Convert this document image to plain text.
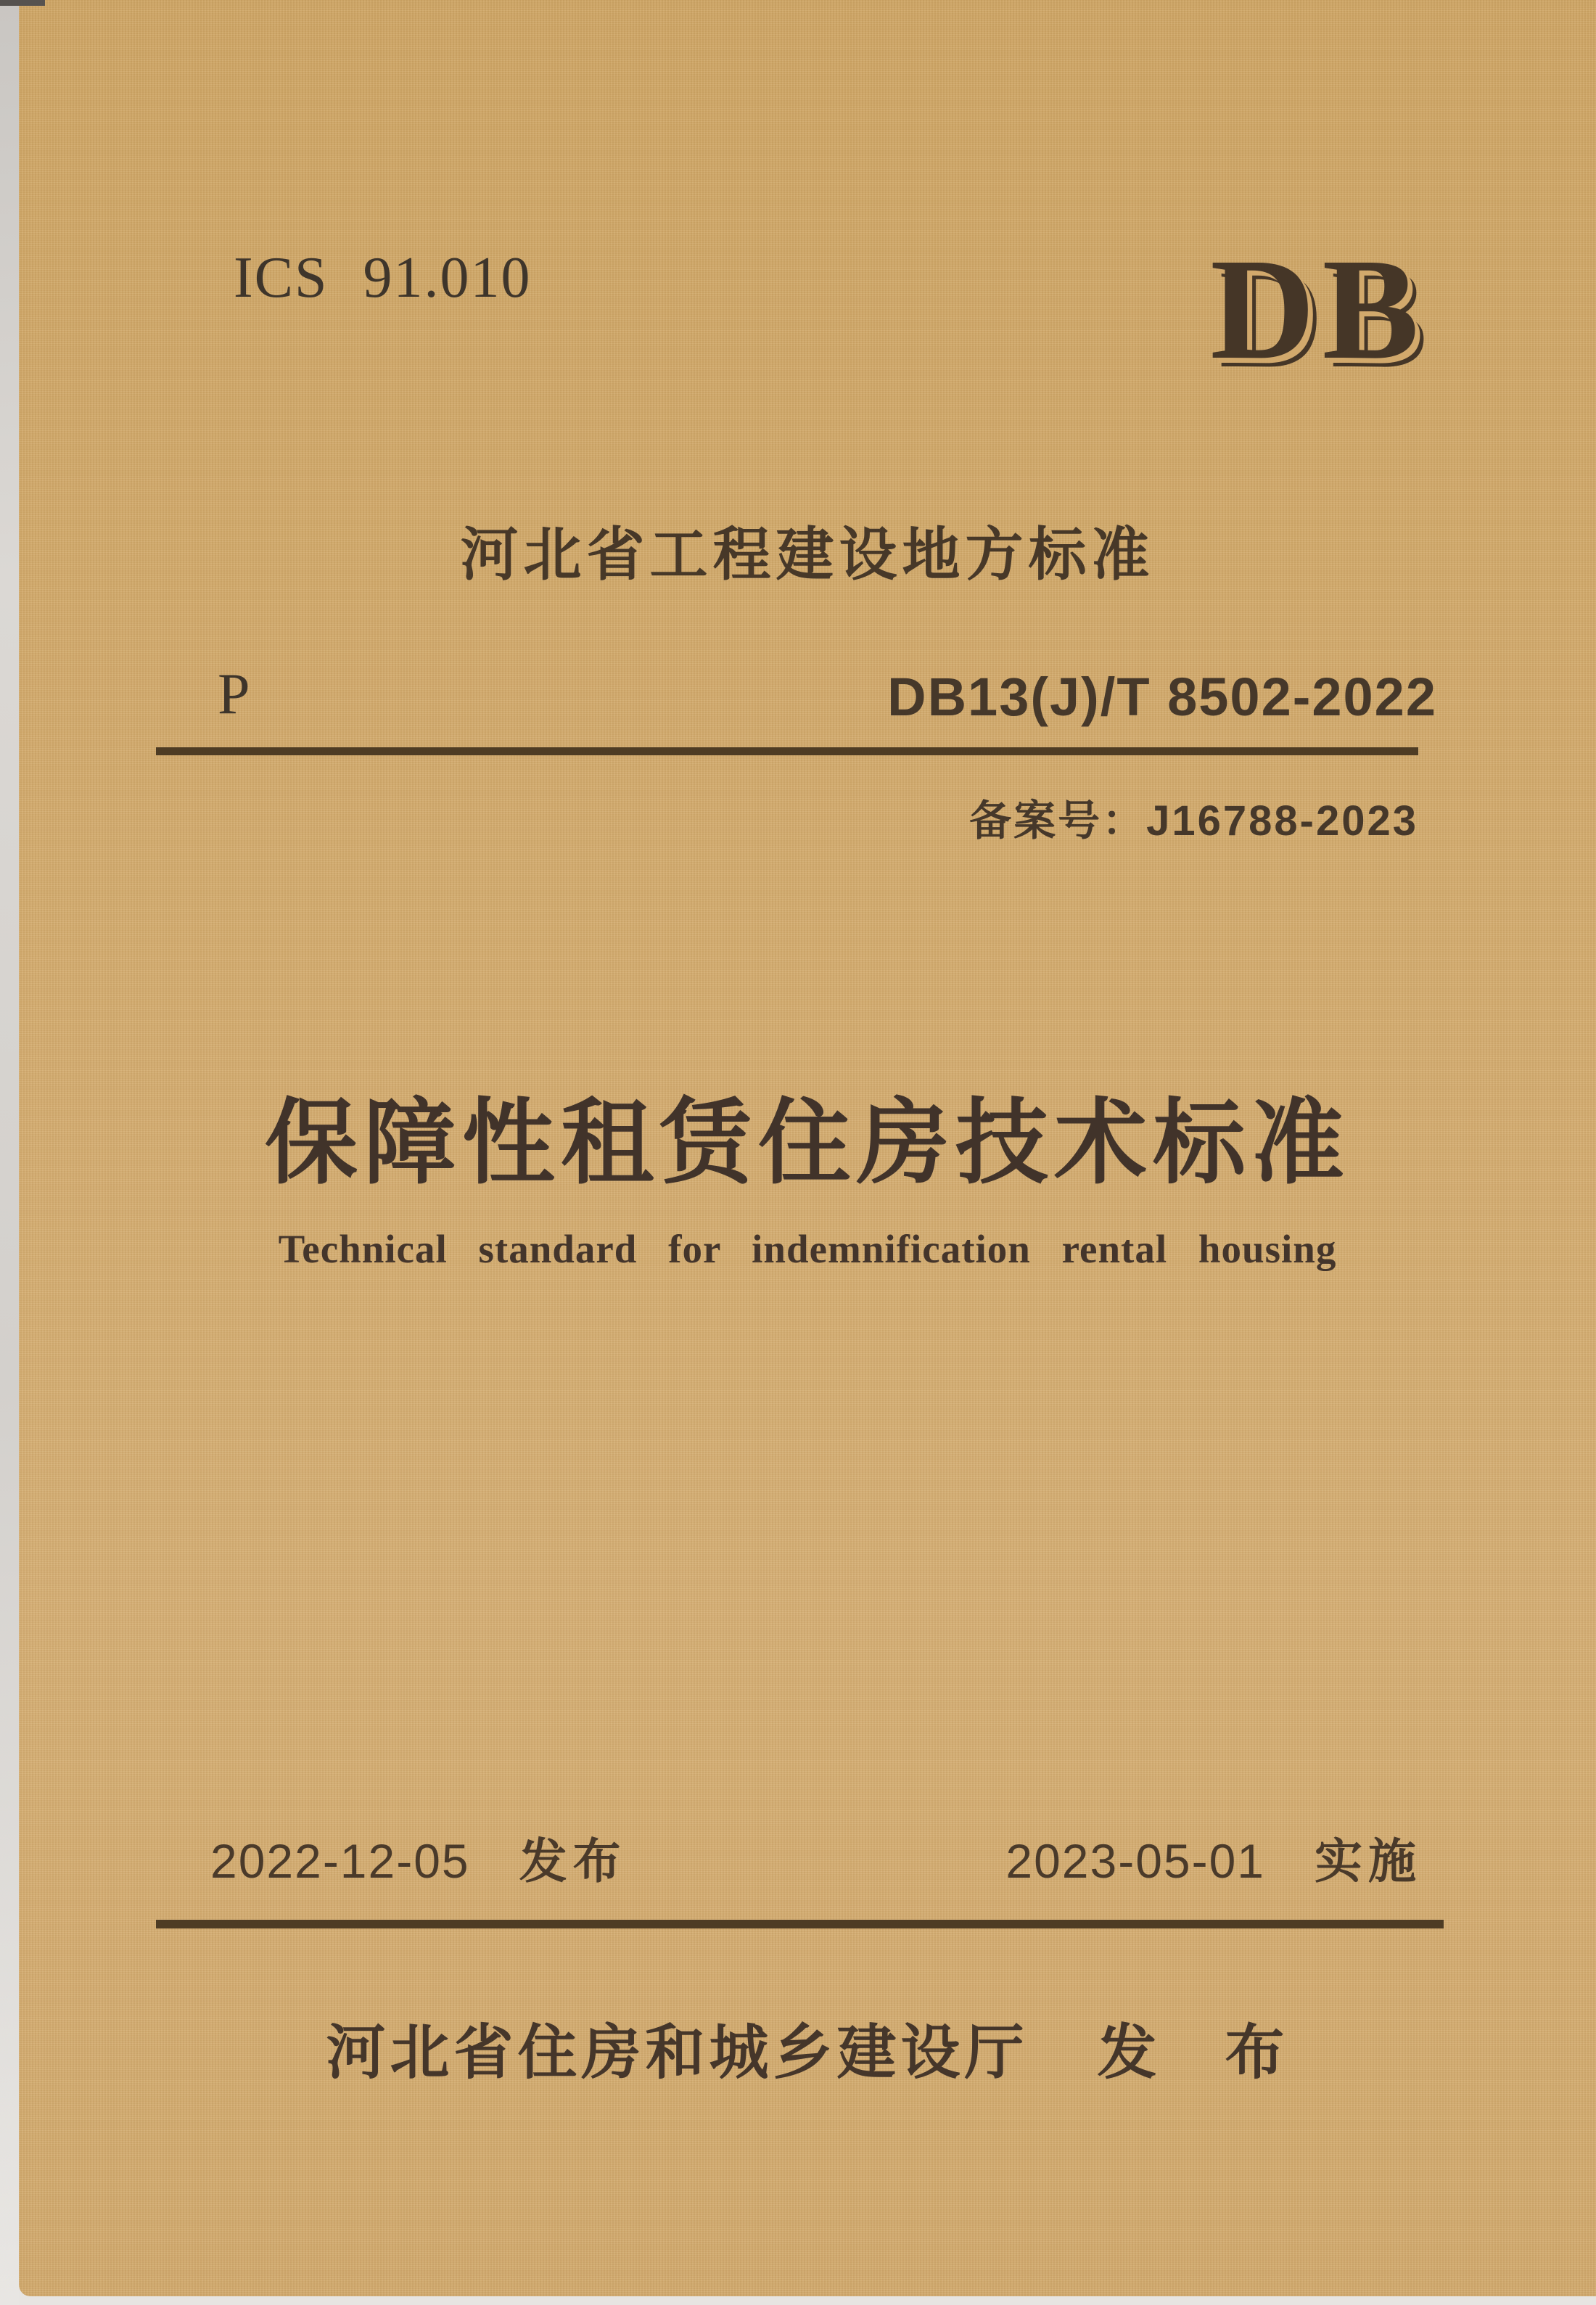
ICS 91.010	DB
河北省工程建设地方标准
P	DB13(J)/T 8502-2022
备案号：J16788-2023
保障性租赁住房技术标准
Technical standard for indemnification rental housing
2022-12-05 发布	2023-05-01 实施
河北省住房和城乡建设厅 发　布
